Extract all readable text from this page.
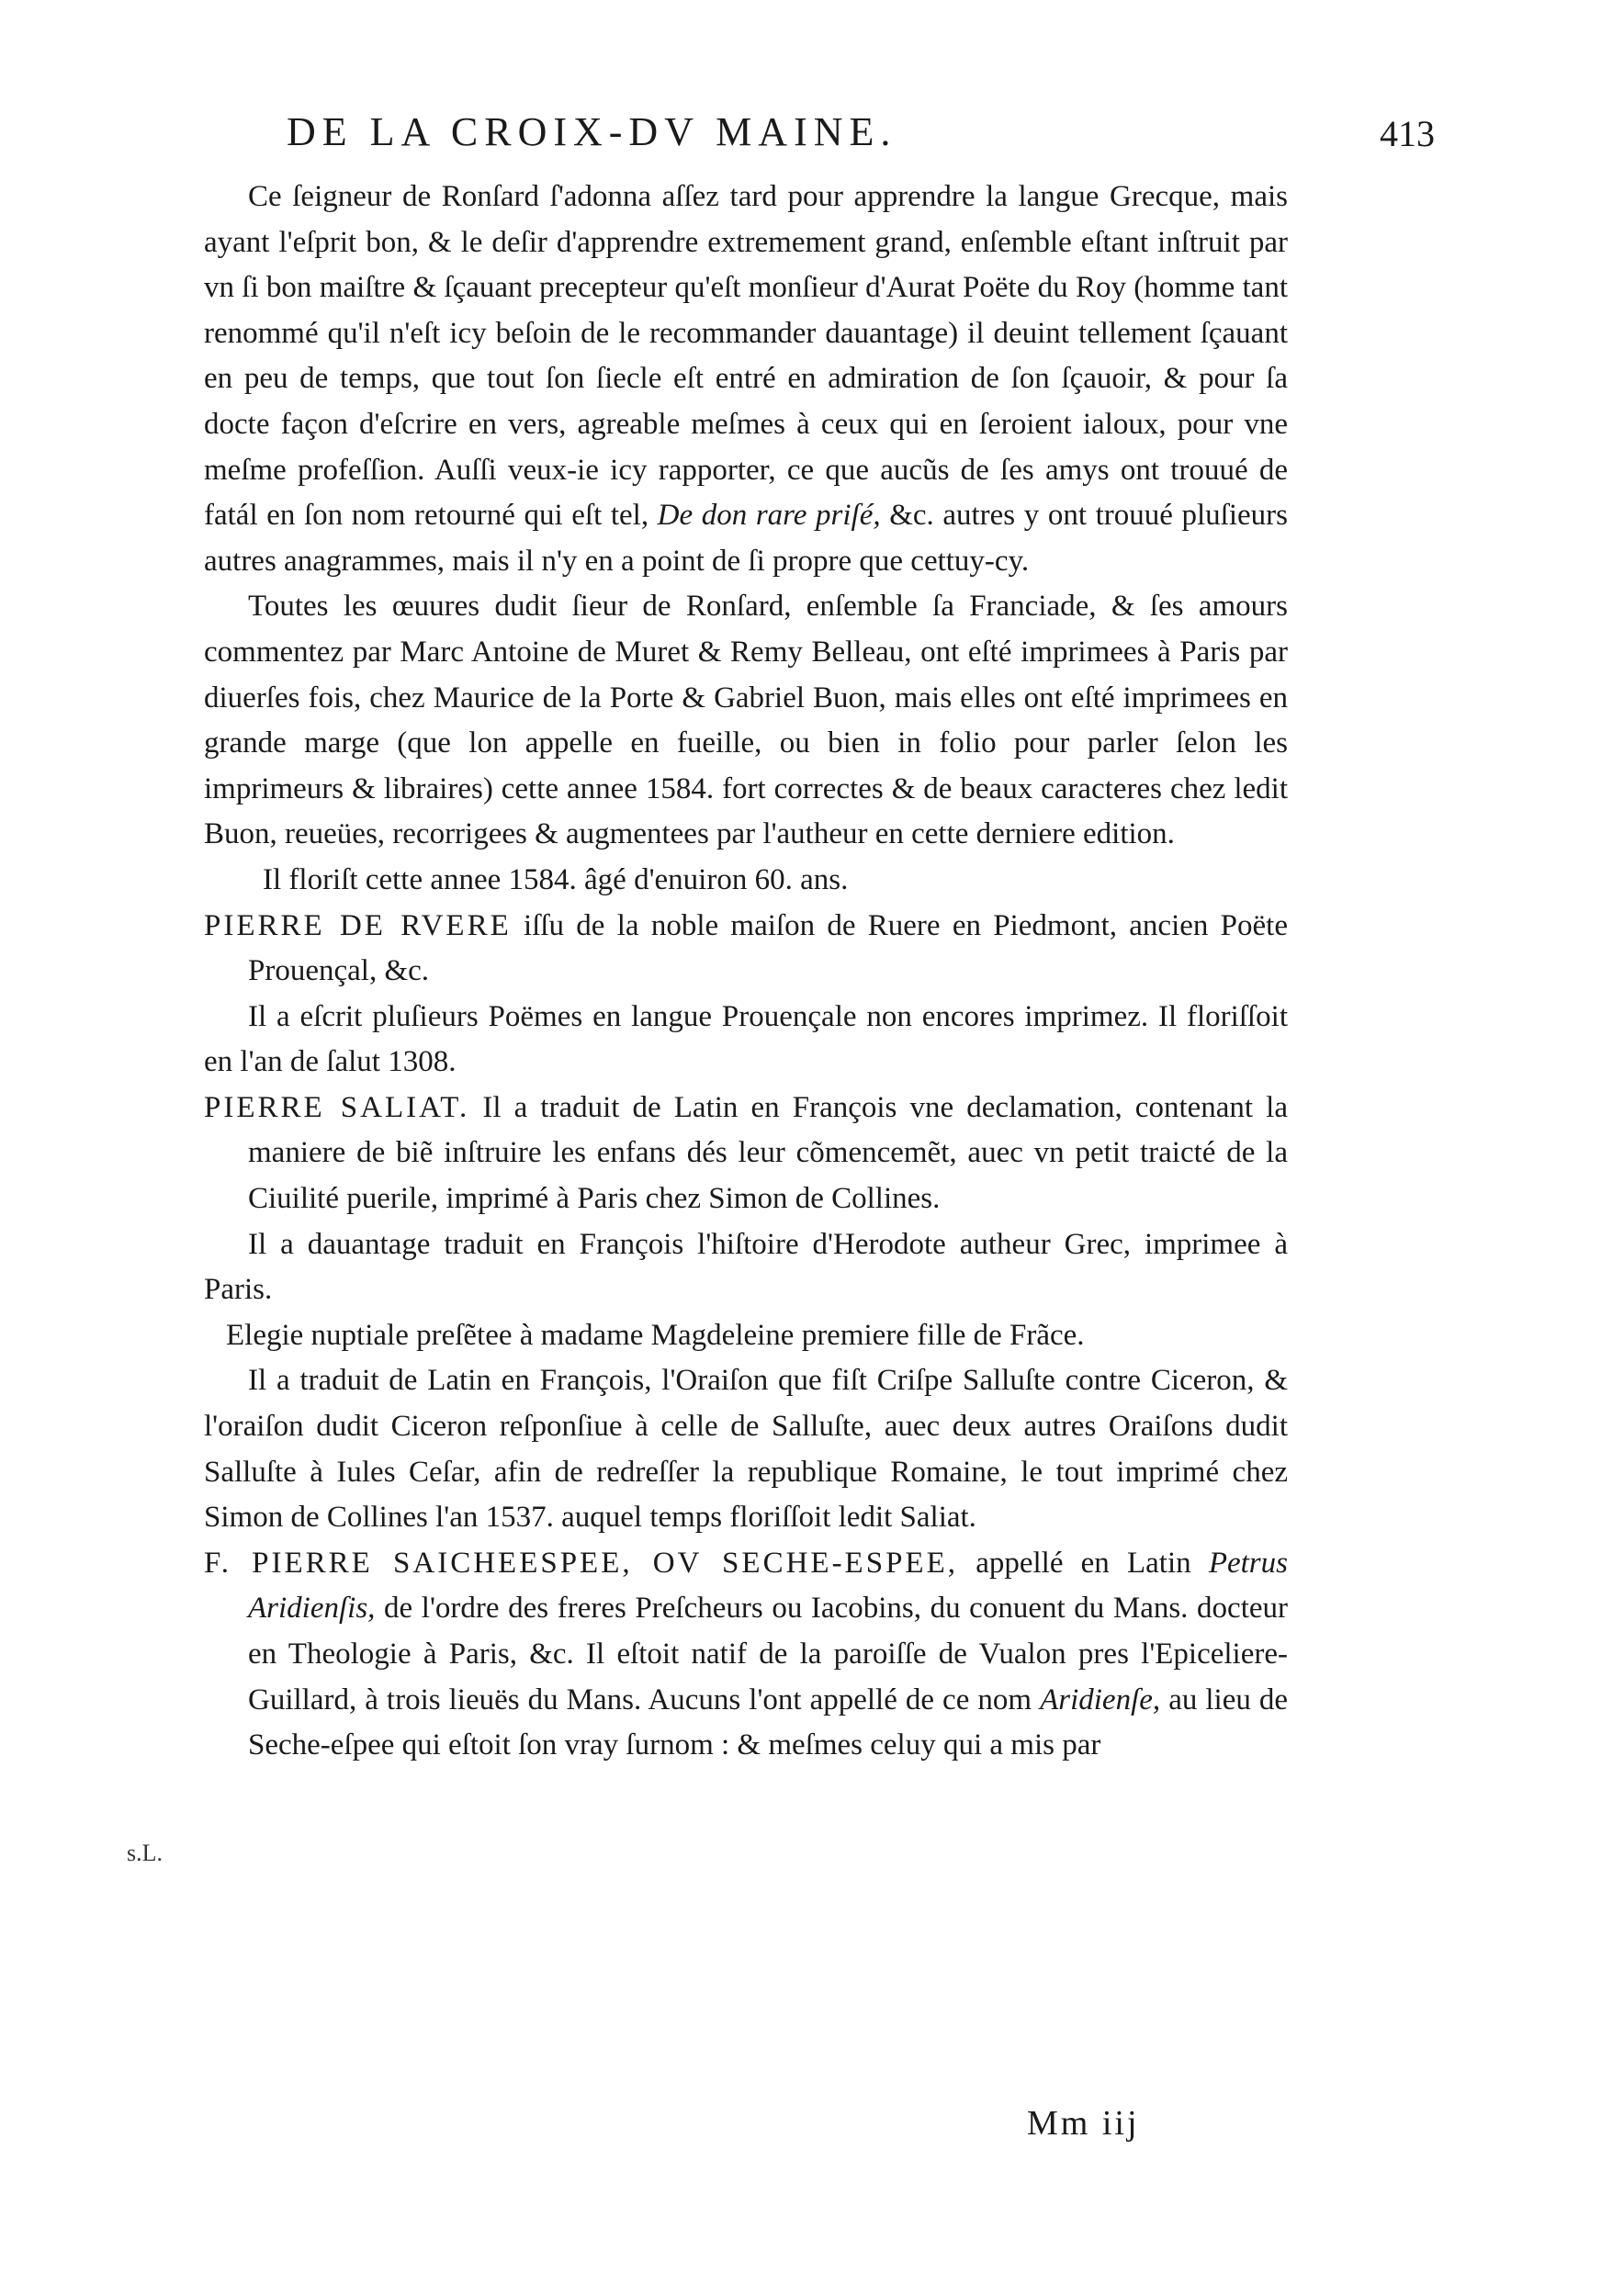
DE LA CROIX-DV MAINE.	413
s.L.

Ce ſeigneur de Ronſard ſ'adonna aſſez tard pour apprendre la langue Grecque, mais ayant l'eſprit bon, & le deſir d'apprendre extremement grand, enſemble eſtant inſtruit par vn ſi bon maiſtre & ſçauant precepteur qu'eſt monſieur d'Aurat Poëte du Roy (homme tant renommé qu'il n'eſt icy beſoin de le recommander dauantage) il deuint tellement ſçauant en peu de temps, que tout ſon ſiecle eſt entré en admiration de ſon ſçauoir, & pour ſa docte façon d'eſcrire en vers, agreable meſmes à ceux qui en ſeroient ialoux, pour vne meſme profeſſion. Auſſi veux-ie icy rapporter, ce que aucũs de ſes amys ont trouué de fatál en ſon nom retourné qui eſt tel, De don rare priſé, &c. autres y ont trouué pluſieurs autres anagrammes, mais il n'y en a point de ſi propre que cettuy-cy.

Toutes les œuures dudit ſieur de Ronſard, enſemble ſa Franciade, & ſes amours commentez par Marc Antoine de Muret & Remy Belleau, ont eſté imprimees à Paris par diuerſes fois, chez Maurice de la Porte & Gabriel Buon, mais elles ont eſté imprimees en grande marge (que lon appelle en fueille, ou bien in folio pour parler ſelon les imprimeurs & libraires) cette annee 1584. fort correctes & de beaux caracteres chez ledit Buon, reueües, recorrigees & augmentees par l'autheur en cette derniere edition.

Il floriſt cette annee 1584. âgé d'enuiron 60. ans.

PIERRE DE RVERE iſſu de la noble maiſon de Ruere en Piedmont, ancien Poëte Prouençal, &c.

Il a eſcrit pluſieurs Poëmes en langue Prouençale non encores imprimez. Il floriſſoit en l'an de ſalut 1308.

PIERRE SALIAT. Il a traduit de Latin en François vne declamation, contenant la maniere de biẽ inſtruire les enfans dés leur cõmencemẽt, auec vn petit traicté de la Ciuilité puerile, imprimé à Paris chez Simon de Collines.

Il a dauantage traduit en François l'hiſtoire d'Herodote autheur Grec, imprimee à Paris.

Elegie nuptiale preſẽtee à madame Magdeleine premiere fille de Frãce.

Il a traduit de Latin en François, l'Oraiſon que fiſt Criſpe Salluſte contre Ciceron, & l'oraiſon dudit Ciceron reſponſiue à celle de Salluſte, auec deux autres Oraiſons dudit Salluſte à Iules Ceſar, afin de redreſſer la republique Romaine, le tout imprimé chez Simon de Collines l'an 1537. auquel temps floriſſoit ledit Saliat.

F. PIERRE SAICHEESPEE, OV SECHE-ESPEE, appellé en Latin Petrus Aridienſis, de l'ordre des freres Preſcheurs ou Iacobins, du conuent du Mans. docteur en Theologie à Paris, &c. Il eſtoit natif de la paroiſſe de Vualon pres l'Epiceliere-Guillard, à trois lieuës du Mans. Aucuns l'ont appellé de ce nom Aridienſe, au lieu de Seche-eſpee qui eſtoit ſon vray ſurnom : & meſmes celuy qui a mis par

Mm iij
